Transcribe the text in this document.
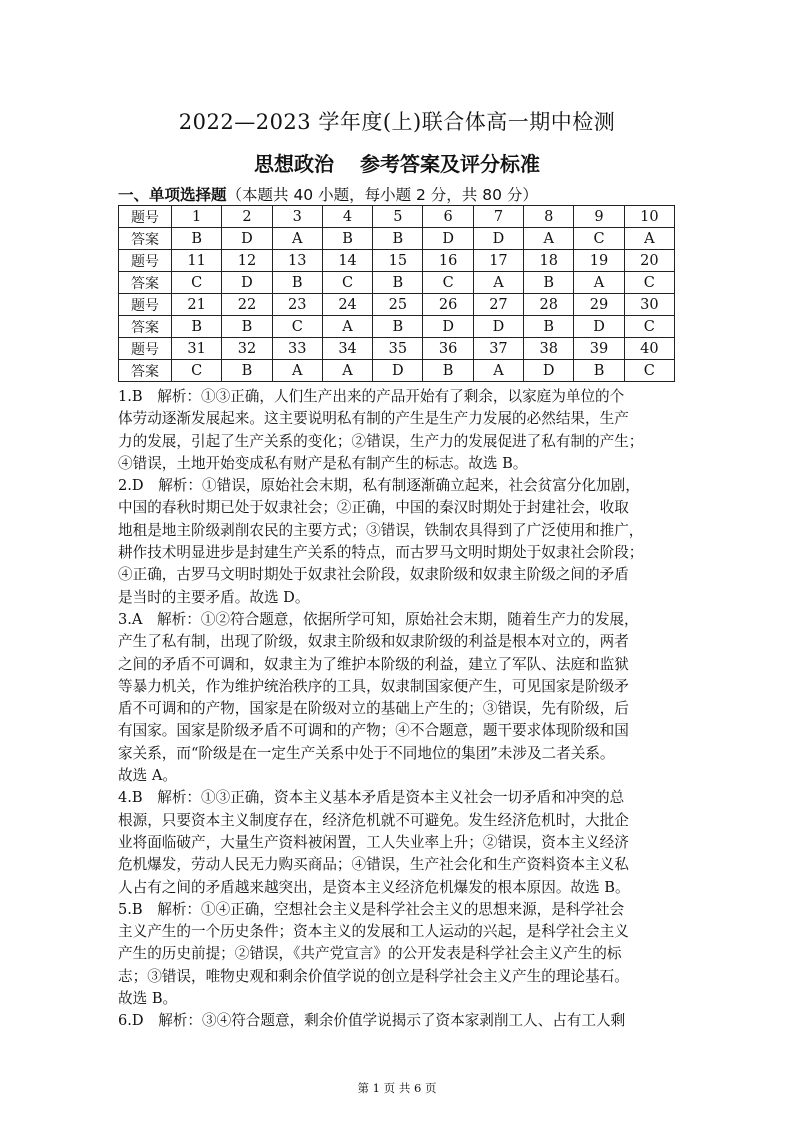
2022—2023 学年度(上)联合体高一期中检测
思想政治 参考答案及评分标准
一、单项选择题（本题共 40 小题，每小题 2 分，共 80 分）
题号	1	2	3	4	5	6	7	8	9	10
答案	B	D	A	B	B	D	D	A	C	A
题号	11	12	13	14	15	16	17	18	19	20
答案	C	D	B	C	B	C	A	B	A	C
题号	21	22	23	24	25	26	27	28	29	30
答案	B	B	C	A	B	D	D	B	D	C
题号	31	32	33	34	35	36	37	38	39	40
答案	C	B	A	A	D	B	A	D	B	C

1.B　解析：①③正确，人们生产出来的产品开始有了剩余，以家庭为单位的个
体劳动逐渐发展起来。这主要说明私有制的产生是生产力发展的必然结果，生产
力的发展，引起了生产关系的变化；②错误，生产力的发展促进了私有制的产生；
④错误，土地开始变成私有财产是私有制产生的标志。故选 B。

2.D　解析：①错误，原始社会末期，私有制逐渐确立起来，社会贫富分化加剧，
中国的春秋时期已处于奴隶社会；②正确，中国的秦汉时期处于封建社会，收取
地租是地主阶级剥削农民的主要方式；③错误，铁制农具得到了广泛使用和推广，
耕作技术明显进步是封建生产关系的特点，而古罗马文明时期处于奴隶社会阶段；
④正确，古罗马文明时期处于奴隶社会阶段，奴隶阶级和奴隶主阶级之间的矛盾
是当时的主要矛盾。故选 D。

3.A　解析：①②符合题意，依据所学可知，原始社会末期，随着生产力的发展，
产生了私有制，出现了阶级，奴隶主阶级和奴隶阶级的利益是根本对立的，两者
之间的矛盾不可调和，奴隶主为了维护本阶级的利益，建立了军队、法庭和监狱
等暴力机关，作为维护统治秩序的工具，奴隶制国家便产生，可见国家是阶级矛
盾不可调和的产物，国家是在阶级对立的基础上产生的；③错误，先有阶级，后
有国家。国家是阶级矛盾不可调和的产物；④不合题意，题干要求体现阶级和国
家关系，而“阶级是在一定生产关系中处于不同地位的集团”未涉及二者关系。
故选 A。

4.B　解析：①③正确，资本主义基本矛盾是资本主义社会一切矛盾和冲突的总
根源，只要资本主义制度存在，经济危机就不可避免。发生经济危机时，大批企
业将面临破产，大量生产资料被闲置，工人失业率上升；②错误，资本主义经济
危机爆发，劳动人民无力购买商品；④错误，生产社会化和生产资料资本主义私
人占有之间的矛盾越来越突出，是资本主义经济危机爆发的根本原因。故选 B。

5.B　解析：①④正确，空想社会主义是科学社会主义的思想来源，是科学社会
主义产生的一个历史条件；资本主义的发展和工人运动的兴起，是科学社会主义
产生的历史前提；②错误，《共产党宣言》的公开发表是科学社会主义产生的标
志；③错误，唯物史观和剩余价值学说的创立是科学社会主义产生的理论基石。
故选 B。

6.D　解析：③④符合题意，剩余价值学说揭示了资本家剥削工人、占有工人剩

第 1 页 共 6 页
